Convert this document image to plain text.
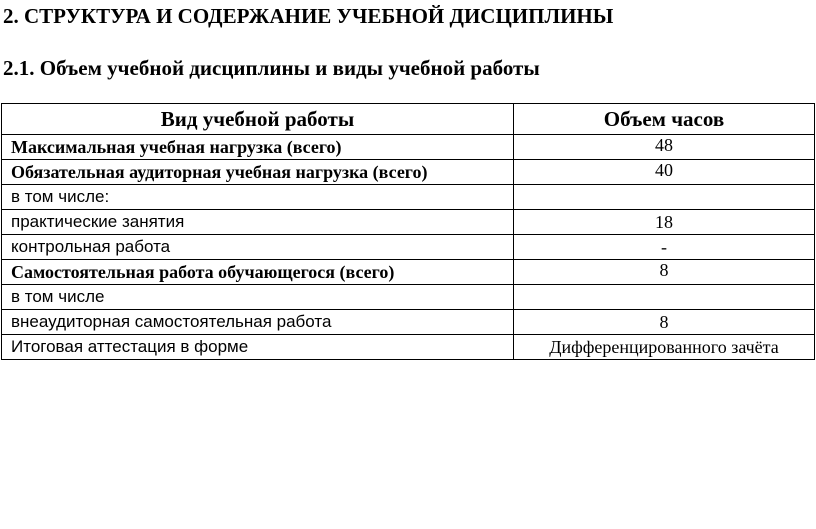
2. СТРУКТУРА И СОДЕРЖАНИЕ УЧЕБНОЙ ДИСЦИПЛИНЫ
2.1. Объем учебной дисциплины и виды учебной работы
Вид учебной работы	Объем часов
Максимальная учебная нагрузка (всего)	48
Обязательная аудиторная учебная нагрузка (всего)	40
в том числе:	
практические занятия	18
контрольная работа	-
Самостоятельная работа обучающегося (всего)	8
в том числе	
внеаудиторная самостоятельная работа	8
Итоговая аттестация в форме	Дифференцированного зачёта
